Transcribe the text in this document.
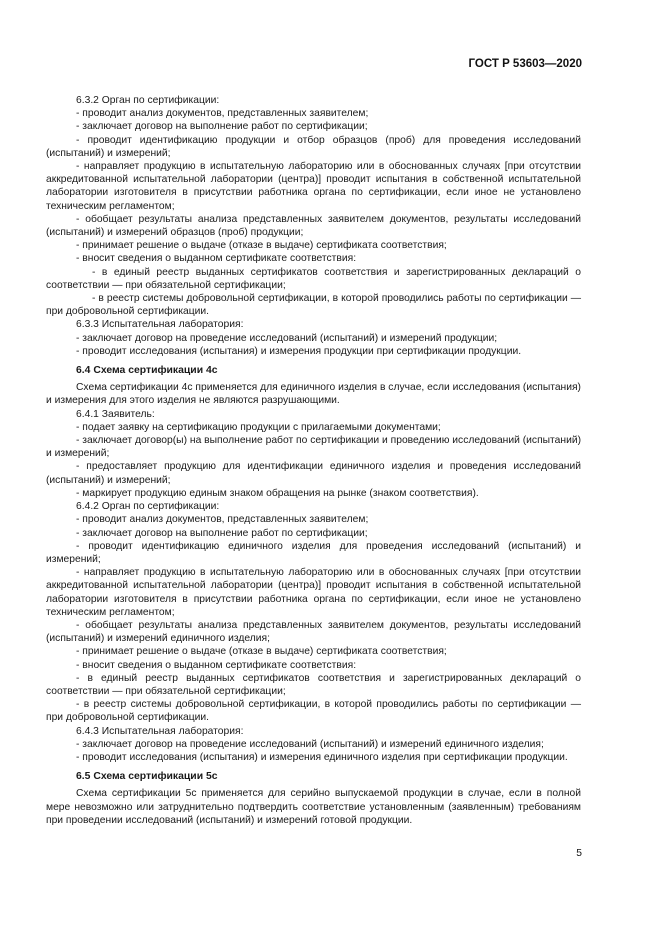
ГОСТ Р 53603—2020

6.3.2 Орган по сертификации:

- проводит анализ документов, представленных заявителем;

- заключает договор на выполнение работ по сертификации;

- проводит идентификацию продукции и отбор образцов (проб) для проведения исследований (испытаний) и измерений;

- направляет продукцию в испытательную лабораторию или в обоснованных случаях [при отсутствии аккредитованной испытательной лаборатории (центра)] проводит испытания в собственной испытательной лаборатории изготовителя в присутствии работника органа по сертификации, если иное не установлено техническим регламентом;

- обобщает результаты анализа представленных заявителем документов, результаты исследований (испытаний) и измерений образцов (проб) продукции;

- принимает решение о выдаче (отказе в выдаче) сертификата соответствия;

- вносит сведения о выданном сертификате соответствия:

- в единый реестр выданных сертификатов соответствия и зарегистрированных деклараций о соответствии — при обязательной сертификации;

- в реестр системы добровольной сертификации, в которой проводились работы по сертификации — при добровольной сертификации.

6.3.3 Испытательная лаборатория:

- заключает договор на проведение исследований (испытаний) и измерений продукции;

- проводит исследования (испытания) и измерения продукции при сертификации продукции.

6.4 Схема сертификации 4с

Схема сертификации 4с применяется для единичного изделия в случае, если исследования (испытания) и измерения для этого изделия не являются разрушающими.

6.4.1 Заявитель:

- подает заявку на сертификацию продукции с прилагаемыми документами;

- заключает договор(ы) на выполнение работ по сертификации и проведению исследований (испытаний) и измерений;

- предоставляет продукцию для идентификации единичного изделия и проведения исследований (испытаний) и измерений;

- маркирует продукцию единым знаком обращения на рынке (знаком соответствия).

6.4.2 Орган по сертификации:

- проводит анализ документов, представленных заявителем;

- заключает договор на выполнение работ по сертификации;

- проводит идентификацию единичного изделия для проведения исследований (испытаний) и измерений;

- направляет продукцию в испытательную лабораторию или в обоснованных случаях [при отсутствии аккредитованной испытательной лаборатории (центра)] проводит испытания в собственной испытательной лаборатории изготовителя в присутствии работника органа по сертификации, если иное не установлено техническим регламентом;

- обобщает результаты анализа представленных заявителем документов, результаты исследований (испытаний) и измерений единичного изделия;

- принимает решение о выдаче (отказе в выдаче) сертификата соответствия;

- вносит сведения о выданном сертификате соответствия:

- в единый реестр выданных сертификатов соответствия и зарегистрированных деклараций о соответствии — при обязательной сертификации;

- в реестр системы добровольной сертификации, в которой проводились работы по сертификации — при добровольной сертификации.

6.4.3 Испытательная лаборатория:

- заключает договор на проведение исследований (испытаний) и измерений единичного изделия;

- проводит исследования (испытания) и измерения единичного изделия при сертификации продукции.

6.5 Схема сертификации 5с

Схема сертификации 5с применяется для серийно выпускаемой продукции в случае, если в полной мере невозможно или затруднительно подтвердить соответствие установленным (заявленным) требованиям при проведении исследований (испытаний) и измерений готовой продукции.

5
